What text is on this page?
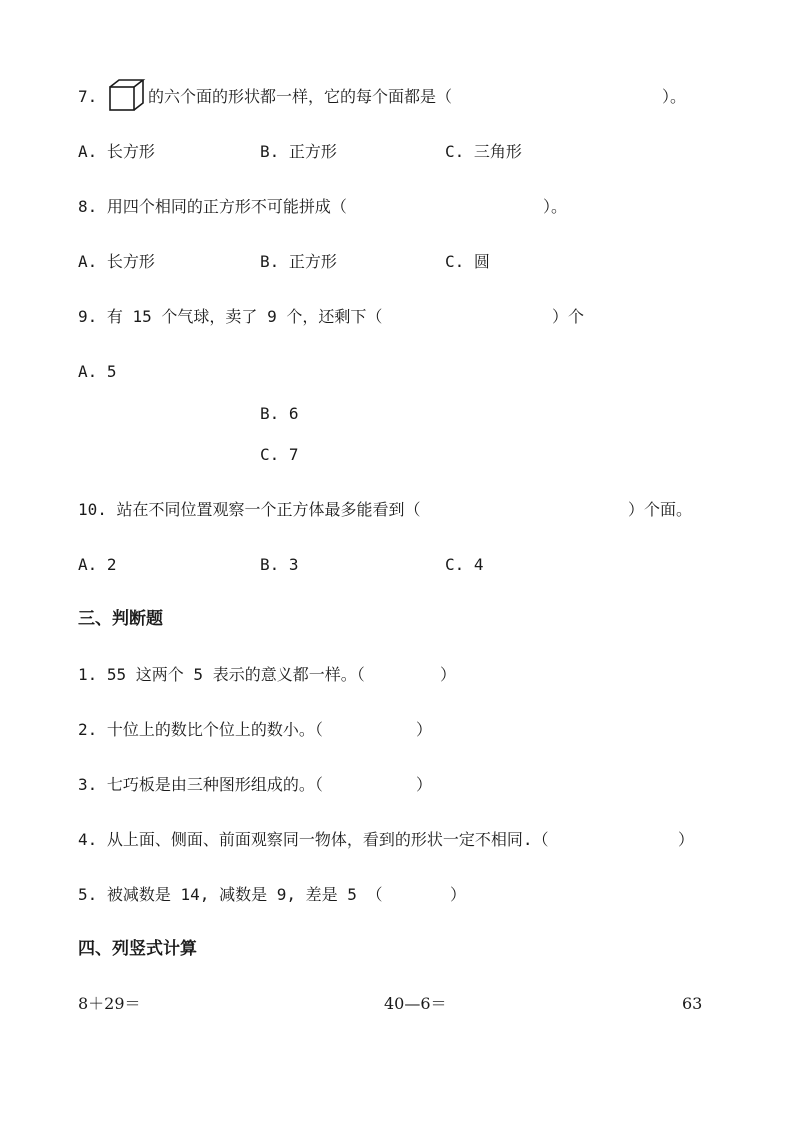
7.	的六个面的形状都一样，它的每个面都是（	）。
A. 长方形	B. 正方形	C. 三角形
8. 用四个相同的正方形不可能拼成（	）。
A. 长方形	B. 正方形	C. 圆
9. 有 15 个气球，卖了 9 个，还剩下（	）个
A. 5
B. 6
C. 7
10. 站在不同位置观察一个正方体最多能看到（	）个面。
A. 2	B. 3	C. 4
三、判断题
1. 55 这两个 5 表示的意义都一样。（	）
2. 十位上的数比个位上的数小。（	）
3. 七巧板是由三种图形组成的。（	）
4. 从上面、侧面、前面观察同一物体，看到的形状一定不相同.（	）
5. 被减数是 14, 减数是 9, 差是 5 （	）
四、列竖式计算
8＋29＝	40—6＝	63
